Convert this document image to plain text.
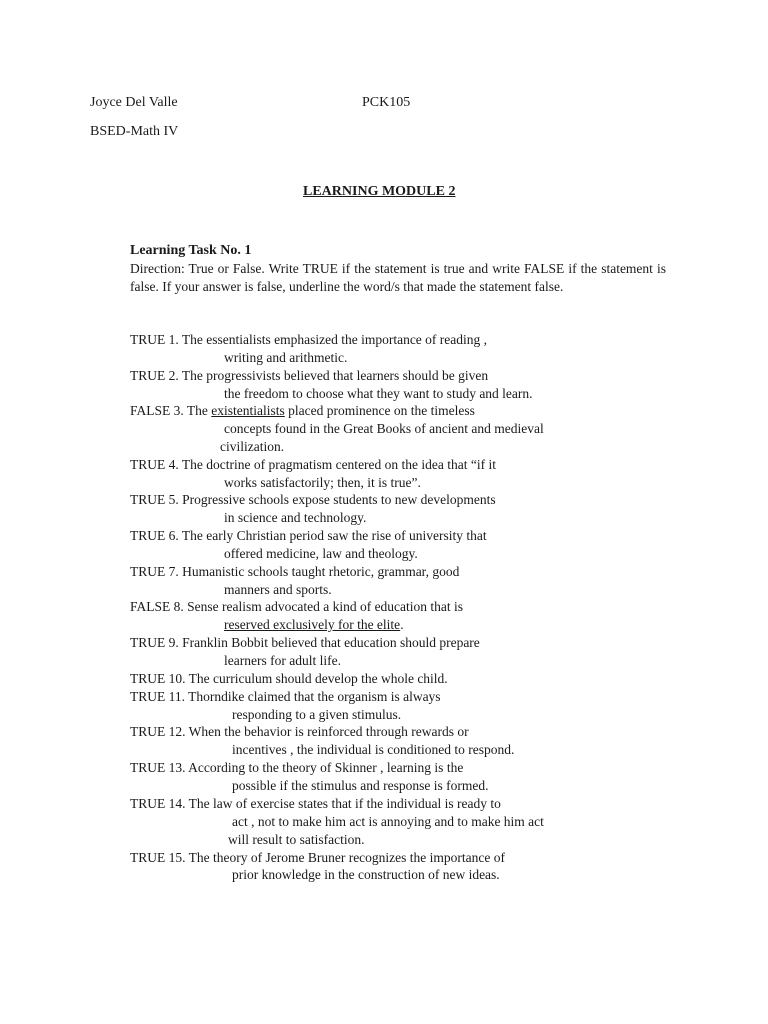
Joyce Del Valle	PCK105
BSED-Math IV
LEARNING MODULE 2
Learning Task No. 1
Direction: True or False. Write TRUE if the statement is true and write FALSE if the statement is false. If your answer is false, underline the word/s that made the statement false.
TRUE 1. The essentialists emphasized the importance of reading ,
writing and arithmetic.
TRUE 2. The progressivists believed that learners should be given
the freedom to choose what they want to study and learn.
FALSE 3. The existentialists placed prominence on the timeless
concepts found in the Great Books of ancient and medieval
civilization.
TRUE 4. The doctrine of pragmatism centered on the idea that “if it
works satisfactorily; then, it is true”.
TRUE 5. Progressive schools expose students to new developments
in science and technology.
TRUE 6. The early Christian period saw the rise of university that
offered medicine, law and theology.
TRUE 7. Humanistic schools taught rhetoric, grammar, good
manners and sports.
FALSE 8. Sense realism advocated a kind of education that is
reserved exclusively for the elite.
TRUE 9. Franklin Bobbit believed that education should prepare
learners for adult life.
TRUE 10. The curriculum should develop the whole child.
TRUE 11. Thorndike claimed that the organism is always
responding to a given stimulus.
TRUE 12. When the behavior is reinforced through rewards or
incentives , the individual is conditioned to respond.
TRUE 13. According to the theory of Skinner , learning is the
possible if the stimulus and response is formed.
TRUE 14. The law of exercise states that if the individual is ready to
act , not to make him act is annoying and to make him act
will result to satisfaction.
TRUE 15. The theory of Jerome Bruner recognizes the importance of
prior knowledge in the construction of new ideas.
